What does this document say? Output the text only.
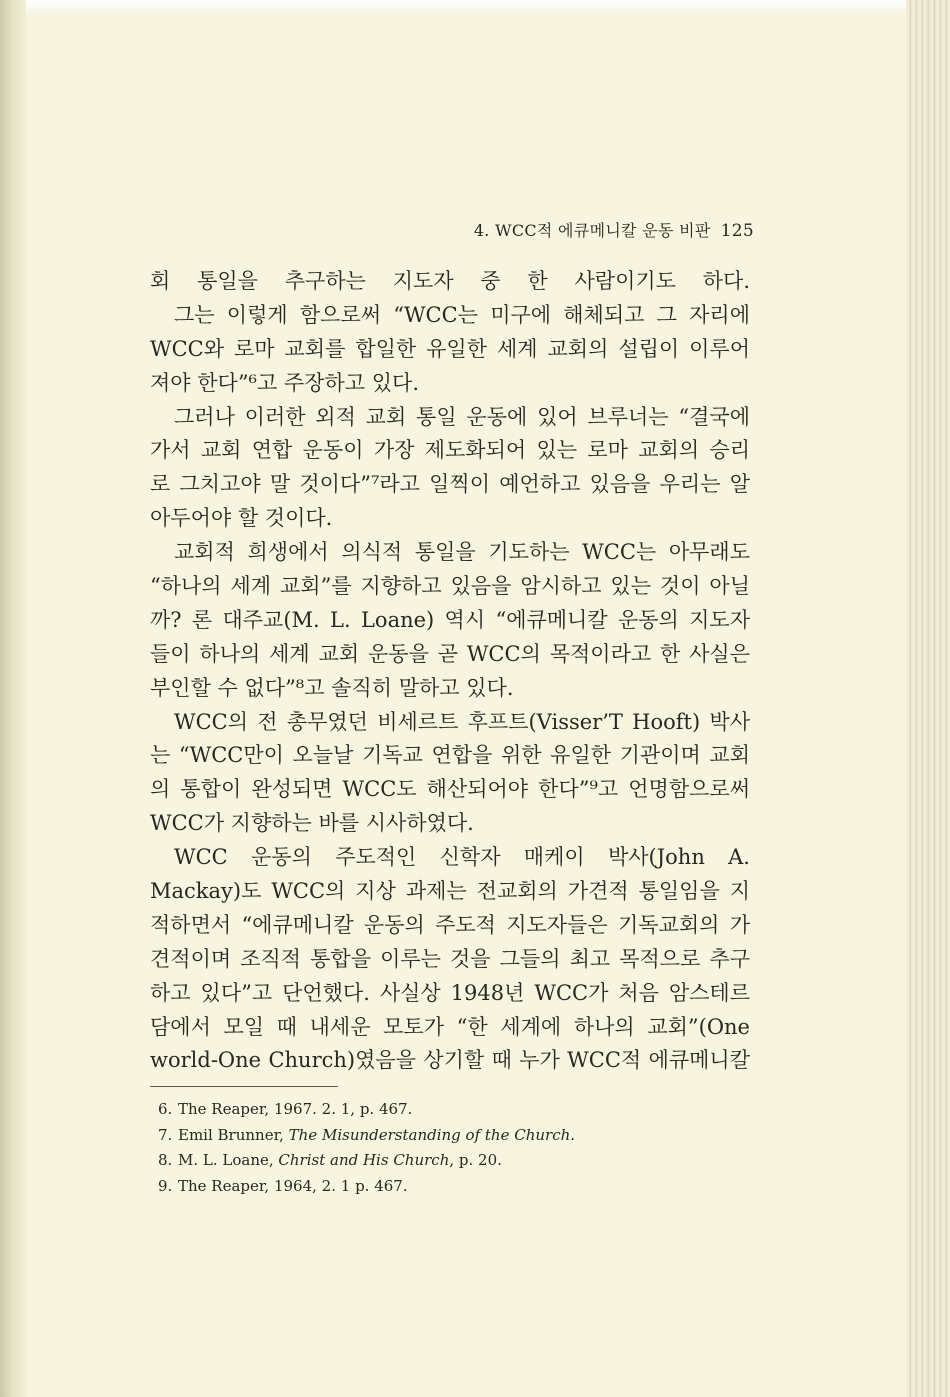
4. WCC적 에큐메니칼 운동 비판 125
회 통일을 추구하는 지도자 중 한 사람이기도 하다.
그는 이렇게 함으로써 “WCC는 미구에 해체되고 그 자리에
WCC와 로마 교회를 합일한 유일한 세계 교회의 설립이 이루어
져야 한다”⁶고 주장하고 있다.
그러나 이러한 외적 교회 통일 운동에 있어 브루너는 “결국에
가서 교회 연합 운동이 가장 제도화되어 있는 로마 교회의 승리
로 그치고야 말 것이다”⁷라고 일찍이 예언하고 있음을 우리는 알
아두어야 할 것이다.
교회적 희생에서 의식적 통일을 기도하는 WCC는 아무래도
“하나의 세계 교회”를 지향하고 있음을 암시하고 있는 것이 아닐
까? 론 대주교(M. L. Loane) 역시 “에큐메니칼 운동의 지도자
들이 하나의 세계 교회 운동을 곧 WCC의 목적이라고 한 사실은
부인할 수 없다”⁸고 솔직히 말하고 있다.
WCC의 전 총무였던 비세르트 후프트(Visser’T Hooft) 박사
는 “WCC만이 오늘날 기독교 연합을 위한 유일한 기관이며 교회
의 통합이 완성되면 WCC도 해산되어야 한다”⁹고 언명함으로써
WCC가 지향하는 바를 시사하였다.
WCC 운동의 주도적인 신학자 매케이 박사(John A.
Mackay)도 WCC의 지상 과제는 전교회의 가견적 통일임을 지
적하면서 “에큐메니칼 운동의 주도적 지도자들은 기독교회의 가
견적이며 조직적 통합을 이루는 것을 그들의 최고 목적으로 추구
하고 있다”고 단언했다. 사실상 1948년 WCC가 처음 암스테르
담에서 모일 때 내세운 모토가 “한 세계에 하나의 교회”(One
world-One Church)였음을 상기할 때 누가 WCC적 에큐메니칼
6. The Reaper, 1967. 2. 1, p. 467.
7. Emil Brunner, The Misunderstanding of the Church.
8. M. L. Loane, Christ and His Church, p. 20.
9. The Reaper, 1964, 2. 1 p. 467.
